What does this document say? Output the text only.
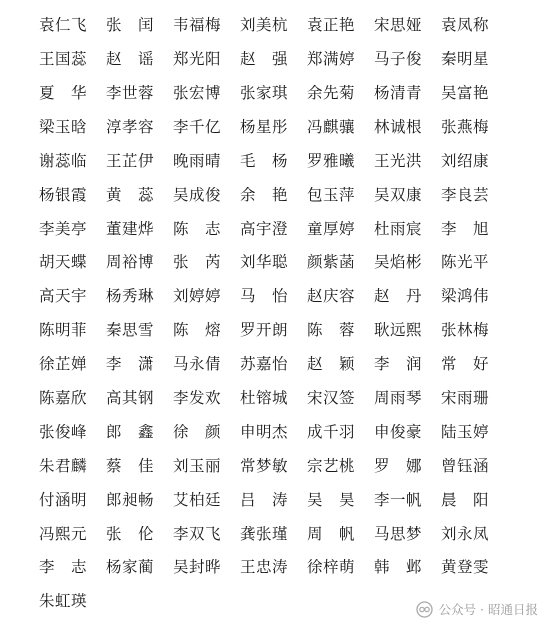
袁仁飞	张　闰	韦福梅	刘美杭	袁正艳	宋思娅	袁凤称
王国蕊	赵　谣	郑光阳	赵　强	郑满婷	马子俊	秦明星
夏　华	李世蓉	张宏博	张家琪	余先菊	杨清青	吴富艳
梁玉晗	淳孝容	李千亿	杨星彤	冯麒骧	林诚根	张燕梅
谢蕊临	王芷伊	晚雨晴	毛　杨	罗雅曦	王光洪	刘绍康
杨银霞	黄　蕊	吴成俊	余　艳	包玉萍	吴双康	李良芸
李美亭	董建烨	陈　志	高宇澄	童厚婷	杜雨宸	李　旭
胡天蝶	周裕博	张　芮	刘华聪	颜紫菡	吴焰彬	陈光平
高天宇	杨秀琳	刘婷婷	马　怡	赵庆容	赵　丹	梁鸿伟
陈明菲	秦思雪	陈　熔	罗开朗	陈　蓉	耿远熙	张林梅
徐芷婵	李　潇	马永倩	苏嘉怡	赵　颖	李　润	常　好
陈嘉欣	高其钢	李发欢	杜镕城	宋汉签	周雨琴	宋雨珊
张俊峰	郎　鑫	徐　颜	申明杰	成千羽	申俊豪	陆玉婷
朱君麟	蔡　佳	刘玉丽	常梦敏	宗艺桃	罗　娜	曾钰涵
付涵明	郎昶畅	艾柏廷	吕　涛	吴　昊	李一帆	晨　阳
冯熙元	张　伦	李双飞	龚张瑾	周　帆	马思梦	刘永凤
李　志	杨家蔺	吴封晔	王忠涛	徐梓萌	韩　邺	黄登雯
朱虹瑛	公众号 · 昭通日报
